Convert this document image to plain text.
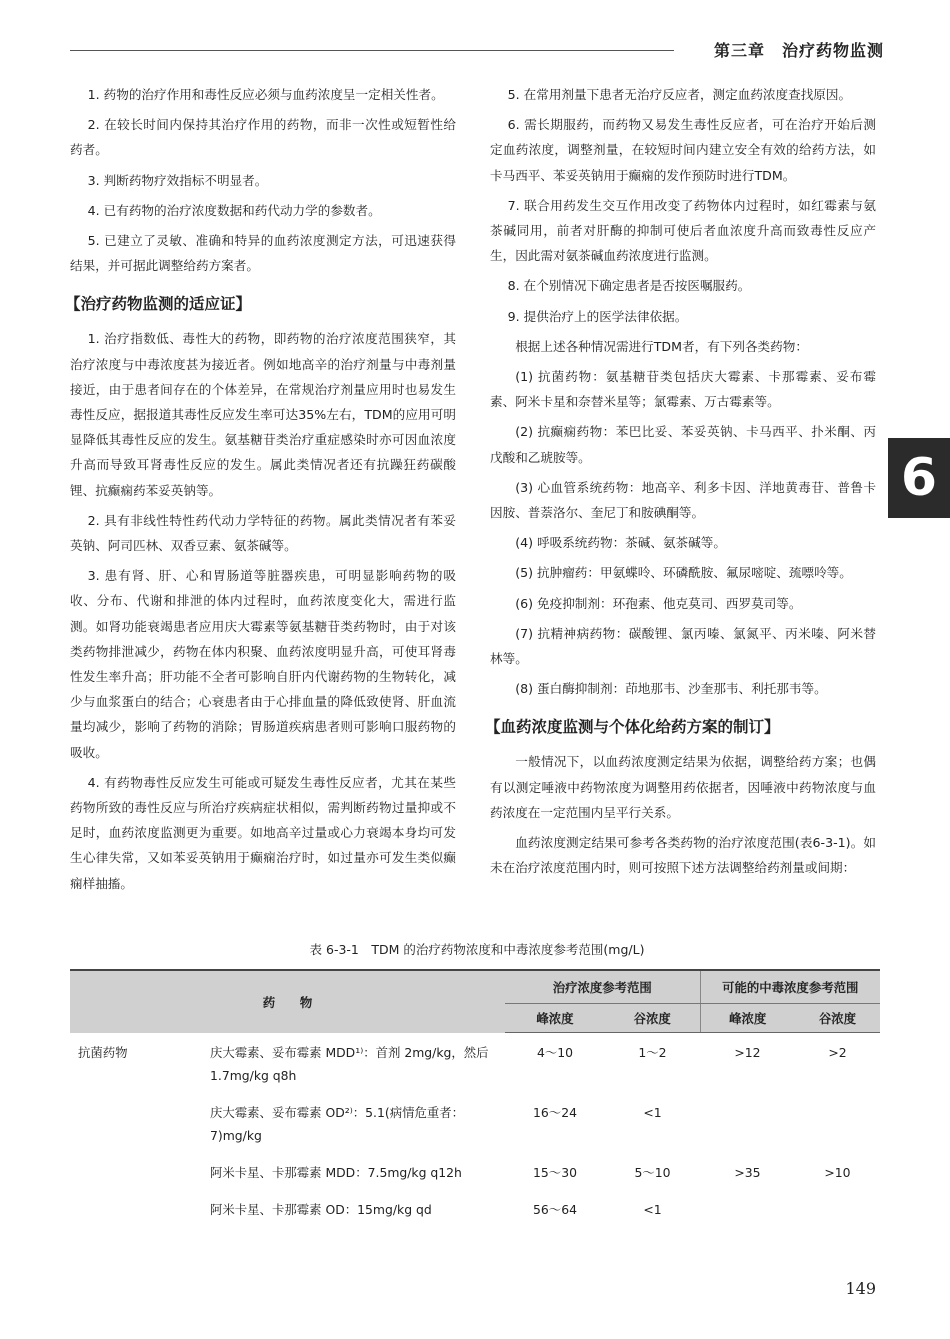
第三章　治疗药物监测
6

1. 药物的治疗作用和毒性反应必须与血药浓度呈一定相关性者。

2. 在较长时间内保持其治疗作用的药物，而非一次性或短暂性给药者。

3. 判断药物疗效指标不明显者。

4. 已有药物的治疗浓度数据和药代动力学的参数者。

5. 已建立了灵敏、准确和特异的血药浓度测定方法，可迅速获得结果，并可据此调整给药方案者。

【治疗药物监测的适应证】

1. 治疗指数低、毒性大的药物，即药物的治疗浓度范围狭窄，其治疗浓度与中毒浓度甚为接近者。例如地高辛的治疗剂量与中毒剂量接近，由于患者间存在的个体差异，在常规治疗剂量应用时也易发生毒性反应，据报道其毒性反应发生率可达35%左右，TDM的应用可明显降低其毒性反应的发生。氨基糖苷类治疗重症感染时亦可因血浓度升高而导致耳肾毒性反应的发生。属此类情况者还有抗躁狂药碳酸锂、抗癫痫药苯妥英钠等。

2. 具有非线性特性药代动力学特征的药物。属此类情况者有苯妥英钠、阿司匹林、双香豆素、氨茶碱等。

3. 患有肾、肝、心和胃肠道等脏器疾患，可明显影响药物的吸收、分布、代谢和排泄的体内过程时，血药浓度变化大，需进行监测。如肾功能衰竭患者应用庆大霉素等氨基糖苷类药物时，由于对该类药物排泄减少，药物在体内积聚、血药浓度明显升高，可使耳肾毒性发生率升高；肝功能不全者可影响自肝内代谢药物的生物转化，减少与血浆蛋白的结合；心衰患者由于心排血量的降低致使肾、肝血流量均减少，影响了药物的消除；胃肠道疾病患者则可影响口服药物的吸收。

4. 有药物毒性反应发生可能或可疑发生毒性反应者，尤其在某些药物所致的毒性反应与所治疗疾病症状相似，需判断药物过量抑或不足时，血药浓度监测更为重要。如地高辛过量或心力衰竭本身均可发生心律失常，又如苯妥英钠用于癫痫治疗时，如过量亦可发生类似癫痫样抽搐。

5. 在常用剂量下患者无治疗反应者，测定血药浓度查找原因。

6. 需长期服药，而药物又易发生毒性反应者，可在治疗开始后测定血药浓度，调整剂量，在较短时间内建立安全有效的给药方法，如卡马西平、苯妥英钠用于癫痫的发作预防时进行TDM。

7. 联合用药发生交互作用改变了药物体内过程时，如红霉素与氨茶碱同用，前者对肝酶的抑制可使后者血浓度升高而致毒性反应产生，因此需对氨茶碱血药浓度进行监测。

8. 在个别情况下确定患者是否按医嘱服药。

9. 提供治疗上的医学法律依据。

根据上述各种情况需进行TDM者，有下列各类药物：

(1) 抗菌药物：氨基糖苷类包括庆大霉素、卡那霉素、妥布霉素、阿米卡星和奈替米星等；氯霉素、万古霉素等。

(2) 抗癫痫药物：苯巴比妥、苯妥英钠、卡马西平、扑米酮、丙戊酸和乙琥胺等。

(3) 心血管系统药物：地高辛、利多卡因、洋地黄毒苷、普鲁卡因胺、普萘洛尔、奎尼丁和胺碘酮等。

(4) 呼吸系统药物：茶碱、氨茶碱等。

(5) 抗肿瘤药：甲氨蝶呤、环磷酰胺、氟尿嘧啶、巯嘌呤等。

(6) 免疫抑制剂：环孢素、他克莫司、西罗莫司等。

(7) 抗精神病药物：碳酸锂、氯丙嗪、氯氮平、丙米嗪、阿米替林等。

(8) 蛋白酶抑制剂：茚地那韦、沙奎那韦、利托那韦等。

【血药浓度监测与个体化给药方案的制订】

一般情况下，以血药浓度测定结果为依据，调整给药方案；也偶有以测定唾液中药物浓度为调整用药依据者，因唾液中药物浓度与血药浓度在一定范围内呈平行关系。

血药浓度测定结果可参考各类药物的治疗浓度范围(表6-3-1)。如未在治疗浓度范围内时，则可按照下述方法调整给药剂量或间期：

表 6-3-1　TDM 的治疗药物浓度和中毒浓度参考范围(mg/L)
药　　物		治疗浓度参考范围		可能的中毒浓度参考范围	
		峰浓度	谷浓度	峰浓度	谷浓度
抗菌药物	庆大霉素、妥布霉素 MDD¹⁾：首剂 2mg/kg，然后 1.7mg/kg q8h	4～10	1～2	>12	>2
	庆大霉素、妥布霉素 OD²⁾：5.1(病情危重者：7)mg/kg	16～24	<1		
	阿米卡星、卡那霉素 MDD：7.5mg/kg q12h	15～30	5～10	>35	>10
	阿米卡星、卡那霉素 OD：15mg/kg qd	56～64	<1		
149
